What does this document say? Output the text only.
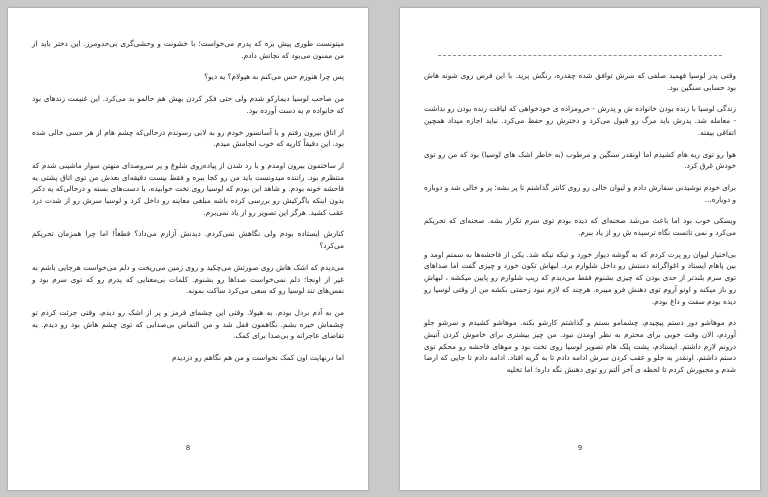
میتونست طوری پیش بره که پدرم می‌خواست؛ با خشونت و وحشی‌گری بی‌حدومرز. این دختر باید از من ممنون می‌بود که نجاتش دادم.

پس چرا هنوزم حس می‌کنم به هیولام؟ یه دیو؟

من صاحب لوسیا دیمارکو شدم ولی حتی فکر کردن بهش هم حالمو بد می‌کرد. این غنیمت زندهای بود که خانواده م به دست آورده بود.

از اتاق بیرون رفتم و با آسانسور خودم رو به لابی رسوندم درحالی‌که چشم هام از هر حسی خالی شده بود. این دقیقاً کاریه که خوب انجامش میدم.

از ساختمون بیرون اومدم و با رد شدن از پیاده‌روی شلوغ و پر سروصدای منهتن سوار ماشینی شدم که منتظرم بود. راننده میدونست باید من رو کجا ببره و فقط بیست دقیقه‌ای بعدش من توی اتاق پشتی یه فاحشه خونه بودم. و شاهد این بودم که لوسیا روی تخت خوابیده، با دست‌های بسته و درحالی‌که یه دکتر بدون اینکه باگرکیش رو بررسی کرده باشه مبلغی معاینه رو داخل کرد و لوسیا سرش رو از شدت درد عقب کشید. هرگز این تصویر رو از یاد نمی‌برم.

کنارش ایستاده بودم ولی نگاهش نمی‌کردم. دیدنش آزارم می‌داد؟ قطعاً! اما چرا همزمان تحریکم می‌کرد؟

می‌دیدم که اشک هاش روی صورتش می‌چکید و روی زمین می‌ریخت و دلم می‌خواست هرجایی باشم به غیر از اونجا؛ دلم نمی‌خواست صداها رو بشنوم. کلمات بی‌معنایی که پدرم رو که توی سرم بود و نفس‌های تند لوسیا رو که سعی می‌کرد ساکت بمونه.

من به آدم بردل بودم. به هیولا. وقتی این چشمای قرمز و پر از اشک رو دیدم، وقتی جرئت کردم تو چشماش خیره بشم. نگاهمون قفل شد و من التماس بی‌صدایی که توی چشم هاش بود رو دیدم. یه تقاضای عاجزانه و بی‌صدا برای کمک.

اما درنهایت اون کمک نخواست و من هم نگاهم رو دزدیدم

8

وقتی پدر لوسیا فهمید صلفی که سرش توافق شده چقدره، رنگش پرید. با این فرض روی شونه هاش بود حسابی سنگین بود.

زندگی لوسیا با زنده بودن خانواده ش و پدرش - حرومزاده ی خودخواهی که لیاقت زنده بودن رو نداشت - معامله شد. پدرش باید مرگ رو قبول می‌کرد و دخترش رو حفظ می‌کرد. نباید اجازه میداد همچین اتفاقی بیفته.

هوا رو توی ریه هام کشیدم اما اونقدر سنگین و مرطوب (به خاطر اشک های لوسیا) بود که من رو توی خودش غرق کرد.

برای خودم نوشیدنی سفارش دادم و لیوان خالی رو روی کانتر گذاشتم تا پر بشه؛ پر و خالی شد و دوباره و دوباره...

ویسکی خوب بود اما باعث می‌شد صحنه‌ای که دیده بودم توی سرم تکرار بشه. صحنه‌ای که تحریکم می‌کرد و نمی تاتست نگاه ترسیده ش رو از یاد ببرم.

بی‌اختیار لیوان رو پرت کردم که به گوشه دیوار خورد و تیکه تیکه شد. یکی از فاحشه‌ها به سمتم اومد و بین پاهام ایستاد و اغواگرانه دستش رو داخل شلوارم برد. لبهاش تکون خورد و چیزی گفت اما صداهای توی سرم بلندتر از حدی بودن که چیزی بشنوم فقط می‌دیدم که زیپ شلوارم رو پایین میکشه ، لبهاش رو باز میکنه و اونو آروم توی دهنش فرو میبره. هرچند که لازم نبود زحمتی بکشه من از وقتی لوسیا رو دیده بودم سفت و داغ بودم.

دم موهاشو دور دستم پیچیدم، چشمامو بستم و گذاشتم کارشو بکنه. موهاشو کشیدم و سرشو جلو آوردم، الان وقت خوبی برای محترم به نظر اومدن نبود. من چیز بیشتری برای خاموش کردن آتیش درونم لازم داشتم. ایستادم، پشت پلک هام تصویر لوسیا روی تخت بود و موهای فاحشه رو محکم توی دستم داشتم. اونقدر به جلو و عقب کردن سرش ادامه دادم تا به گریه افتاد. ادامه دادم تا جایی که ارضا شدم و مجبورش کردم تا لحظه ی آخر آلتم رو توی دهنش نگه داره؛ اما تخلیه

9
